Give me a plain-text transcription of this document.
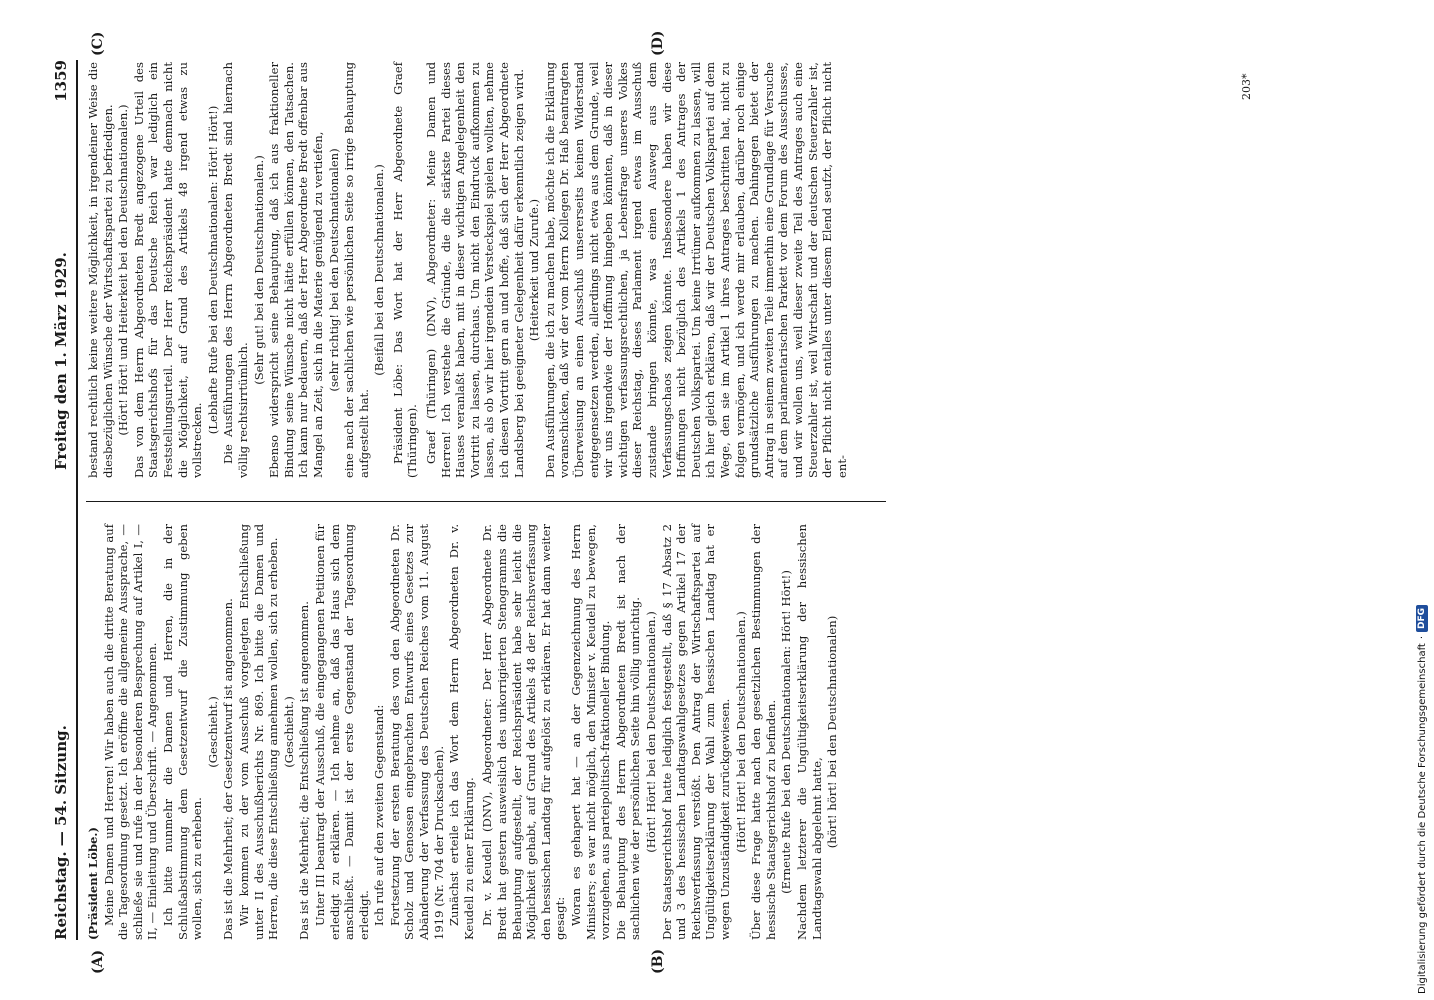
Reichstag. — 54. Sitzung.
Freitag den 1. März 1929.
1359

(Präsident Löbe.) Meine Damen und Herren! Wir haben auch die dritte Beratung auf die Tagesordnung gesetzt. Ich eröffne die allgemeine Aussprache, — schließe sie und rufe in der besonderen Besprechung auf Artikel I, — II, — Einleitung und Überschrift. — Angenommen. Ich bitte nunmehr die Damen und Herren, die in der Schlußabstimmung dem Gesetzentwurf die Zustimmung geben wollen, sich zu erheben.

(Geschieht.) Das ist die Mehrheit; der Gesetzentwurf ist angenommen. Wir kommen zu der vom Ausschuß vorgelegten Entschließung unter II des Ausschußberichts Nr. 869. Ich bitte die Damen und Herren, die diese Entschließung annehmen wollen, sich zu erheben. (Geschieht.) Das ist die Mehrheit; die Entschließung ist angenommen. Unter III beantragt der Ausschuß, die eingegangenen Petitionen für erledigt zu erklären. — Ich nehme an, daß das Haus sich dem anschließt. — Damit ist der erste Gegenstand der Tagesordnung erledigt. Ich rufe auf den zweiten Gegenstand: Fortsetzung der ersten Beratung des von den Abgeordneten Dr. Scholz und Genossen eingebrachten Entwurfs eines Gesetzes zur Abänderung der Verfassung des Deutschen Reiches vom 11. August 1919 (Nr. 704 der Drucksachen). Zunächst erteile ich das Wort dem Herrn Abgeordneten Dr. v. Keudell zu einer Erklärung. Dr. v. Keudell (DNV), Abgeordneter: Der Herr Abgeordnete Dr. Bredt hat gestern ausweislich des unkorrigierten Stenogramms die Behauptung aufgestellt, der Reichspräsident habe sehr leicht die Möglichkeit gehabt, auf Grund des Artikels 48 der Reichsverfassung den hessischen Landtag für aufgelöst zu erklären. Er hat dann weiter gesagt: Woran es gehapert hat — an der Gegenzeichnung des Herrn Ministers; es war nicht möglich, den Minister v. Keudell zu bewegen, vorzugehen, aus parteipolitisch-fraktioneller Bindung. Die Behauptung des Herrn Abgeordneten Bredt ist nach der sachlichen wie der persönlichen Seite hin völlig unrichtig. (Hört! Hört! bei den Deutschnationalen.) Der Staatsgerichtshof hatte lediglich festgestellt, daß § 17 Absatz 2 und 3 des hessischen Landtagswahlgesetzes gegen Artikel 17 der Reichsverfassung verstößt. Den Antrag der Wirtschaftspartei auf Ungültigkeitserklärung der Wahl zum hessischen Landtag hat er wegen Unzuständigkeit zurückgewiesen. (Hört! Hört! bei den Deutschnationalen.) Über diese Frage hatte nach den gesetzlichen Bestimmungen der hessische Staatsgerichtshof zu befinden. (Erneute Rufe bei den Deutschnationalen: Hört! Hört!) Nachdem letzterer die Ungültigkeitserklärung der hessischen Landtagswahl abgelehnt hatte,

(hört! hört! bei den Deutschnationalen)

bestand rechtlich keine weitere Möglichkeit, in irgendeiner Weise die diesbezüglichen Wünsche der Wirtschaftspartei zu befriedigen. (Hört! Hört! und Heiterkeit bei den Deutschnationalen.) Das von dem Herrn Abgeordneten Bredt angezogene Urteil des Staatsgerichtshofs für das Deutsche Reich war lediglich ein Feststellungsurteil. Der Herr Reichspräsident hatte demnach nicht die Möglichkeit, auf Grund des Artikels 48 irgend etwas zu vollstrecken.

(Lebhafte Rufe bei den Deutschnationalen: Hört! Hört!) Die Ausführungen des Herrn Abgeordneten Bredt sind hiernach völlig rechtsirrtümlich.

(Sehr gut! bei den Deutschnationalen.) Ebenso widerspricht seine Behauptung, daß ich aus fraktioneller Bindung seine Wünsche nicht hätte erfüllen können, den Tatsachen. Ich kann nur bedauern, daß der Herr Abgeordnete Bredt offenbar aus Mangel an Zeit, sich in die Materie genügend zu vertiefen, (sehr richtig! bei den Deutschnationalen) eine nach der sachlichen wie persönlichen Seite so irrige Behauptung aufgestellt hat.

(Beifall bei den Deutschnationalen.) Präsident Löbe: Das Wort hat der Herr Abgeordnete Graef (Thüringen). Graef (Thüringen) (DNV), Abgeordneter: Meine Damen und Herren! Ich verstehe die Gründe, die die stärkste Partei dieses Hauses veranlaßt haben, mit in dieser wichtigen Angelegenheit den Vortritt zu lassen, durchaus. Um nicht den Eindruck aufkommen zu lassen, als ob wir hier irgendein Versteckspiel spielen wollten, nehme ich diesen Vortritt gern an und hoffe, daß sich der Herr Abgeordnete Landsberg bei geeigneter Gelegenheit dafür erkenntlich zeigen wird. (Heiterkeit und Zurufe.) Den Ausführungen, die ich zu machen habe, möchte ich die Erklärung voranschicken, daß wir der vom Herrn Kollegen Dr. Haß beantragten Überweisung an einen Ausschuß unsererseits keinen Widerstand entgegensetzen werden, allerdings nicht etwa aus dem Grunde, weil wir uns irgendwie der Hoffnung hingeben könnten, daß in dieser wichtigen verfassungsrechtlichen, ja Lebensfrage unseres Volkes dieser Reichstag, dieses Parlament irgend etwas im Ausschuß zustande bringen könnte, was einen Ausweg aus dem Verfassungschaos zeigen könnte. Insbesondere haben wir diese Hoffnungen nicht bezüglich des Artikels 1 des Antrages der Deutschen Volkspartei. Um keine Irrtümer aufkommen zu lassen, will ich hier gleich erklären, daß wir der Deutschen Volkspartei auf dem Wege, den sie im Artikel 1 ihres Antrages beschritten hat, nicht zu folgen vermögen, und ich werde mir erlauben, darüber noch einige grundsätzliche Ausführungen zu machen. Dahingegen bietet der Antrag in seinem zweiten Teile immerhin eine Grundlage für Versuche auf dem parlamentarischen Parkett vor dem Forum des Ausschusses, und wir wollen uns, weil dieser zweite Teil des Antrages auch eine Steuerzahler ist, weil Wirtschaft und der deutschen Steuerzahler ist, der Pflicht nicht entalles unter diesem Elend seufzt, der Pflicht nicht ent-

(A)	(B)
(C)	(D)
203*
Digitalisierung gefördert durch die Deutsche Forschungsgemeinschaft
·
DFG
